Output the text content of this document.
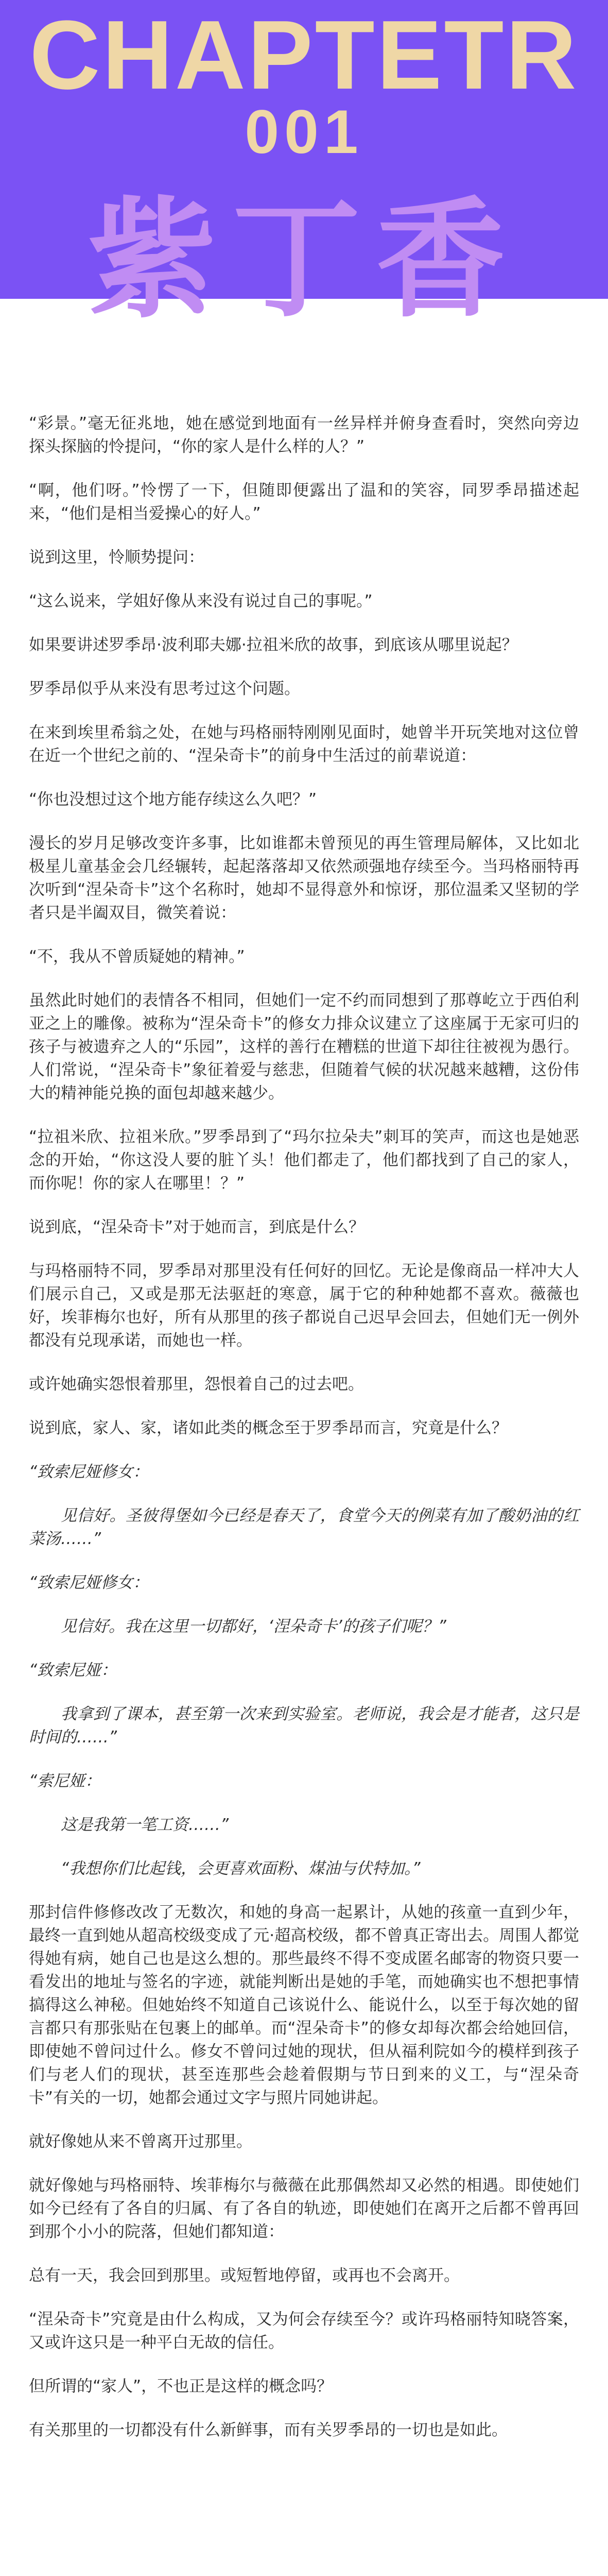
CHAPTETR
001
紫丁香

“彩景。”毫无征兆地，她在感觉到地面有一丝异样并俯身查看时，突然向旁边探头探脑的怜提问，“你的家人是什么样的人？”

“啊，他们呀。”怜愣了一下，但随即便露出了温和的笑容，同罗季昂描述起来，“他们是相当爱操心的好人。”

说到这里，怜顺势提问：

“这么说来，学姐好像从来没有说过自己的事呢。”

如果要讲述罗季昂·波利耶夫娜·拉祖米欣的故事，到底该从哪里说起？

罗季昂似乎从来没有思考过这个问题。

在来到埃里希翁之处，在她与玛格丽特刚刚见面时，她曾半开玩笑地对这位曾在近一个世纪之前的、“涅朵奇卡”的前身中生活过的前辈说道：

“你也没想过这个地方能存续这么久吧？”

漫长的岁月足够改变许多事，比如谁都未曾预见的再生管理局解体，又比如北极星儿童基金会几经辗转，起起落落却又依然顽强地存续至今。当玛格丽特再次听到“涅朵奇卡”这个名称时，她却不显得意外和惊讶，那位温柔又坚韧的学者只是半阖双目，微笑着说：

“不，我从不曾质疑她的精神。”

虽然此时她们的表情各不相同，但她们一定不约而同想到了那尊屹立于西伯利亚之上的雕像。被称为“涅朵奇卡”的修女力排众议建立了这座属于无家可归的孩子与被遗弃之人的“乐园”，这样的善行在糟糕的世道下却往往被视为愚行。人们常说，“涅朵奇卡”象征着爱与慈悲，但随着气候的状况越来越糟，这份伟大的精神能兑换的面包却越来越少。

“拉祖米欣、拉祖米欣。”罗季昂到了“玛尔拉朵夫”刺耳的笑声，而这也是她恶念的开始，“你这没人要的脏丫头！他们都走了，他们都找到了自己的家人，而你呢！你的家人在哪里！？”

说到底，“涅朵奇卡”对于她而言，到底是什么？

与玛格丽特不同，罗季昂对那里没有任何好的回忆。无论是像商品一样冲大人们展示自己，又或是那无法驱赶的寒意，属于它的种种她都不喜欢。薇薇也好，埃菲梅尔也好，所有从那里的孩子都说自己迟早会回去，但她们无一例外都没有兑现承诺，而她也一样。

或许她确实怨恨着那里，怨恨着自己的过去吧。

说到底，家人、家，诸如此类的概念至于罗季昂而言，究竟是什么？

“致索尼娅修女：

见信好。圣彼得堡如今已经是春天了，食堂今天的例菜有加了酸奶油的红菜汤……”

“致索尼娅修女：

见信好。我在这里一切都好，‘涅朵奇卡’的孩子们呢？”

“致索尼娅：

我拿到了课本，甚至第一次来到实验室。老师说，我会是才能者，这只是时间的……”

“索尼娅：

这是我第一笔工资……”

“我想你们比起钱，会更喜欢面粉、煤油与伏特加。”

那封信件修修改改了无数次，和她的身高一起累计，从她的孩童一直到少年，最终一直到她从超高校级变成了元·超高校级，都不曾真正寄出去。周围人都觉得她有病，她自己也是这么想的。那些最终不得不变成匿名邮寄的物资只要一看发出的地址与签名的字迹，就能判断出是她的手笔，而她确实也不想把事情搞得这么神秘。但她始终不知道自己该说什么、能说什么，以至于每次她的留言都只有那张贴在包裹上的邮单。而“涅朵奇卡”的修女却每次都会给她回信，即使她不曾问过什么。修女不曾问过她的现状，但从福利院如今的模样到孩子们与老人们的现状，甚至连那些会趁着假期与节日到来的义工，与“涅朵奇卡”有关的一切，她都会通过文字与照片同她讲起。

就好像她从来不曾离开过那里。

就好像她与玛格丽特、埃菲梅尔与薇薇在此那偶然却又必然的相遇。即使她们如今已经有了各自的归属、有了各自的轨迹，即使她们在离开之后都不曾再回到那个小小的院落，但她们都知道：

总有一天，我会回到那里。或短暂地停留，或再也不会离开。

“涅朵奇卡”究竟是由什么构成，又为何会存续至今？或许玛格丽特知晓答案，又或许这只是一种平白无故的信任。

但所谓的“家人”，不也正是这样的概念吗？

有关那里的一切都没有什么新鲜事，而有关罗季昂的一切也是如此。
